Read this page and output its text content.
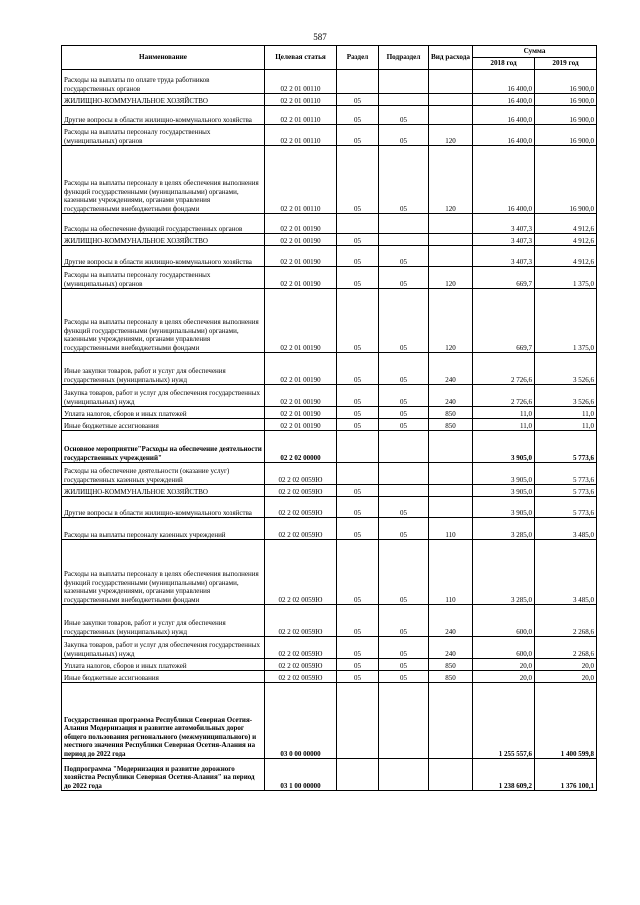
587
Наименование	Целевая статья	Раздел	Подраздел	Вид расхода	Сумма	
					2018 год	2019 год
Расходы на выплаты по оплате труда работников государственных органов	02 2 01 00110				16 400,0	16 900,0
ЖИЛИЩНО-КОММУНАЛЬНОЕ ХОЗЯЙСТВО	02 2 01 00110	05			16 400,0	16 900,0
Другие вопросы в области жилищно-коммунального хозяйства	02 2 01 00110	05	05		16 400,0	16 900,0
Расходы на выплаты персоналу государственных (муниципальных) органов	02 2 01 00110	05	05	120	16 400,0	16 900,0
Расходы на выплаты персоналу в целях обеспечения выполнения функций государственными (муниципальными) органами, казенными учреждениями, органами управления государственными внебюджетными фондами	02 2 01 00110	05	05	120	16 400,0	16 900,0
Расходы на обеспечение функций государственных органов	02 2 01 00190				3 407,3	4 912,6
ЖИЛИЩНО-КОММУНАЛЬНОЕ ХОЗЯЙСТВО	02 2 01 00190	05			3 407,3	4 912,6
Другие вопросы в области жилищно-коммунального хозяйства	02 2 01 00190	05	05		3 407,3	4 912,6
Расходы на выплаты персоналу государственных (муниципальных) органов	02 2 01 00190	05	05	120	669,7	1 375,0
Расходы на выплаты персоналу в целях обеспечения выполнения функций государственными (муниципальными) органами, казенными учреждениями, органами управления государственными внебюджетными фондами	02 2 01 00190	05	05	120	669,7	1 375,0
Иные закупки товаров, работ и услуг для обеспечения государственных (муниципальных) нужд	02 2 01 00190	05	05	240	2 726,6	3 526,6
Закупка товаров, работ и услуг для обеспечения государственных (муниципальных) нужд	02 2 01 00190	05	05	240	2 726,6	3 526,6
Уплата налогов, сборов и иных платежей	02 2 01 00190	05	05	850	11,0	11,0
Иные бюджетные ассигнования	02 2 01 00190	05	05	850	11,0	11,0
Основное мероприятие"Расходы на обеспечение деятельности государственных учреждений"	02 2 02 00000				3 905,0	5 773,6
Расходы на обеспечение деятельности (оказание услуг) государственных казенных учреждений	02 2 02 0059Ю				3 905,0	5 773,6
ЖИЛИЩНО-КОММУНАЛЬНОЕ ХОЗЯЙСТВО	02 2 02 0059Ю	05			3 905,0	5 773,6
Другие вопросы в области жилищно-коммунального хозяйства	02 2 02 0059Ю	05	05		3 905,0	5 773,6
Расходы на выплаты персоналу казенных учреждений	02 2 02 0059Ю	05	05	110	3 285,0	3 485,0
Расходы на выплаты персоналу в целях обеспечения выполнения функций государственными (муниципальными) органами, казенными учреждениями, органами управления государственными внебюджетными фондами	02 2 02 0059Ю	05	05	110	3 285,0	3 485,0
Иные закупки товаров, работ и услуг для обеспечения государственных (муниципальных) нужд	02 2 02 0059Ю	05	05	240	600,0	2 268,6
Закупка товаров, работ и услуг для обеспечения государственных (муниципальных) нужд	02 2 02 0059Ю	05	05	240	600,0	2 268,6
Уплата налогов, сборов и иных платежей	02 2 02 0059Ю	05	05	850	20,0	20,0
Иные бюджетные ассигнования	02 2 02 0059Ю	05	05	850	20,0	20,0
Государственная программа Республики Северная Осетия-Алания Модернизация и развитие автомобильных дорог общего пользования регионального (межмуниципального) и местного значения Республики Северная Осетия-Алания на период до 2022 года	03 0 00 00000				1 255 557,6	1 400 599,8
Подпрограмма "Модернизация и развитие дорожного хозяйства Республики Северная Осетия-Алания" на период до 2022 года	03 1 00 00000				1 238 609,2	1 376 100,1
